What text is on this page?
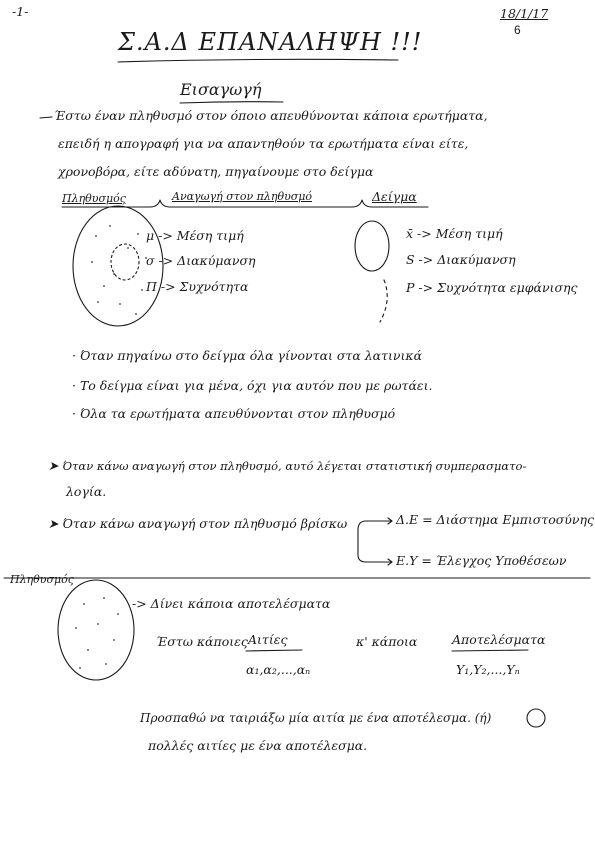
-1-	18/1/17
6
Σ.Α.Δ ΕΠΑΝΑΛΗΨΗ !!!
Εισαγωγή
Έστω έναν πληθυσμό στον όποιο απευθύνονται κάποια ερωτήματα,
επειδή η απογραφή για να απαντηθούν τα ερωτήματα είναι είτε,
χρονοβόρα, είτε αδύνατη, πηγαίνουμε στο δείγμα
Πληθυσμός	Αναγωγή στον πληθυσμό	Δείγμα
μ -> Μέση τιμή
σ -> Διακύμανση
Π -> Συχνότητα
x̄ -> Μέση τιμή
S -> Διακύμανση
P -> Συχνότητα εμφάνισης
· Όταν πηγαίνω στο δείγμα όλα γίνονται στα λατινικά
· Το δείγμα είναι για μένα, όχι για αυτόν που με ρωτάει.
· Όλα τα ερωτήματα απευθύνονται στον πληθυσμό
➤ Όταν κάνω αναγωγή στον πληθυσμό, αυτό λέγεται στατιστική συμπερασματο-
λογία.
➤ Όταν κάνω αναγωγή στον πληθυσμό βρίσκω	Δ.Ε = Διάστημα Εμπιστοσύνης
Ε.Υ = Έλεγχος Υποθέσεων
Πληθυσμός
-> Δίνει κάποια αποτελέσματα
Έστω κάποιες Αιτίες	κ' κάποια	Αποτελέσματα
α₁,α₂,...,αₙ	Y₁,Y₂,...,Yₙ
Προσπαθώ να ταιριάξω μία αιτία με ένα αποτέλεσμα. (ή)
πολλές αιτίες με ένα αποτέλεσμα.
